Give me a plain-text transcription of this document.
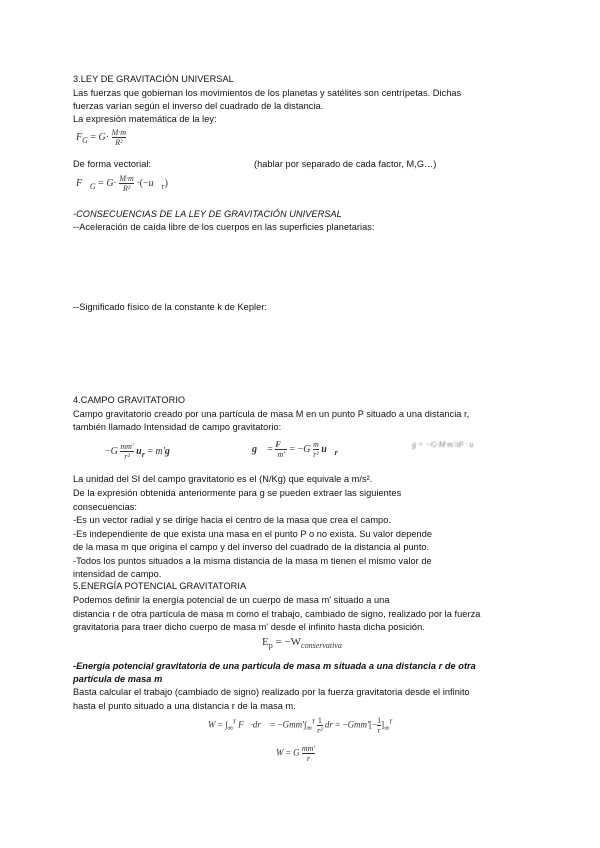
3.LEY DE GRAVITACIÓN UNIVERSAL
Las fuerzas que gobiernan los movimientos de los planetas y satélites son centrípetas. Dichas
fuerzas varían según el inverso del cuadrado de la distancia.
La expresión matemática de la ley:
$F_G = G\cdot \frac{M\cdot m}{\text{R²}}$
De forma vectorial:	(hablar por separado de cada factor, M,G…)
$F⃗_G = G\cdot \frac{M\cdot m}{\text{R²}}$ $\cdot(-u⃗_r)$
-CONSECUENCIAS DE LA LEY DE GRAVITACIÓN UNIVERSAL
--Aceleración de caída libre de los cuerpos en las superficies planetarias:
--Significado físico de la constante k de Kepler:
4.CAMPO GRAVITATORIO
Campo gravitatorio creado por una partícula de masa M en un punto P situado a una distancia r,
también llamado Intensidad de campo gravitatorio:
$-G \frac{mm'}{\text{r²}} u_r = m'g$	g⃗ = $\frac{F⃗}{m'} = -G \frac{m}{\text{r²}}$ $u⃗_r$
g = −G·M·m'/d² · u
La unidad del SI del campo gravitatorio es el (N/Kg) que equivale a m/s².
De la expresión obtenida anteriormente para g se pueden extraer las siguientes
consecuencias:
-Es un vector radial y se dirige hacia el centro de la masa que crea el campo.
-Es independiente de que exista una masa en el punto P o no exista. Su valor depende
de la masa m que origina el campo y del inverso del cuadrado de la distancia al punto.
-Todos los puntos situados a la misma distancia de la masa m tienen el mismo valor de
intensidad de campo.
5.ENERGÍA POTENCIAL GRAVITATORIA
Podemos definir la energía potencial de un cuerpo de masa m' situado a una
distancia r de otra partícula de masa m como el trabajo, cambiado de signo, realizado por la fuerza
gravitatoria para traer dicho cuerpo de masa m' desde el infinito hasta dicha posición.
$E_p = -W_{conservativa}$
-Energía potencial gravitatoria de una partícula de masa m situada a una distancia r de otra
partícula de masa m
Basta calcular el trabajo (cambiado de signo) realizado por la fuerza gravitatoria desde el infinito
hasta el punto situado a una distancia r de la masa m.
$W = \int_\infty^r$ F⃗·dr⃗ = $-Gmm'\int_\infty^r \frac{1}{\text{r²}}$ dr = $-Gmm'[- \frac{1}{r} ]_\infty^r$
W = G $\frac{mm'}{r}$
